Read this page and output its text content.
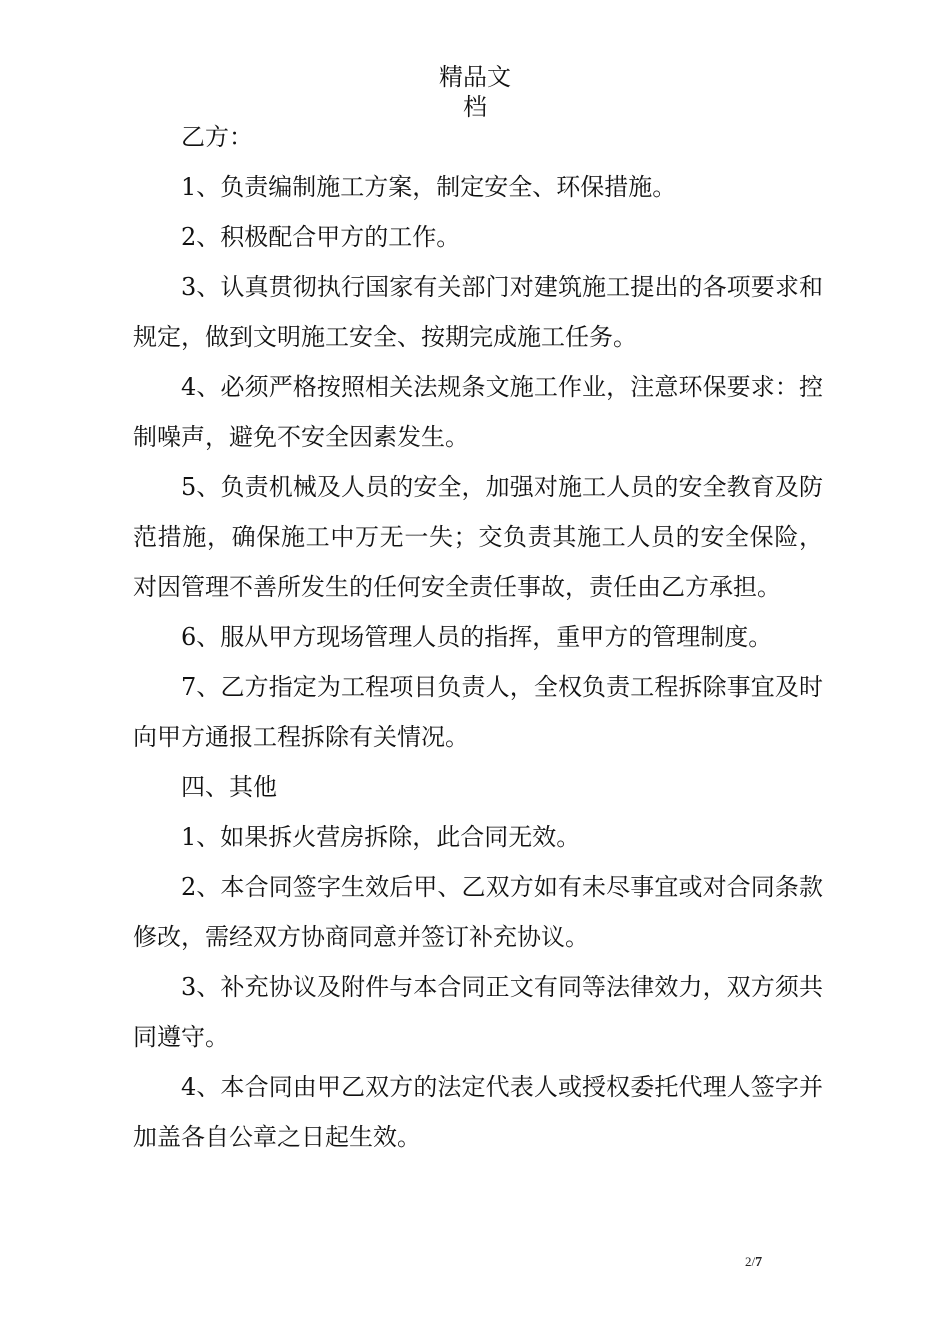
精品文
档

乙方：

1、负责编制施工方案，制定安全、环保措施。

2、积极配合甲方的工作。

3、认真贯彻执行国家有关部门对建筑施工提出的各项要求和规定，做到文明施工安全、按期完成施工任务。

4、必须严格按照相关法规条文施工作业，注意环保要求：控制噪声，避免不安全因素发生。

5、负责机械及人员的安全，加强对施工人员的安全教育及防范措施，确保施工中万无一失；交负责其施工人员的安全保险，对因管理不善所发生的任何安全责任事故，责任由乙方承担。

6、服从甲方现场管理人员的指挥，重甲方的管理制度。

7、乙方指定为工程项目负责人，全权负责工程拆除事宜及时向甲方通报工程拆除有关情况。

四、其他

1、如果拆火营房拆除，此合同无效。

2、本合同签字生效后甲、乙双方如有未尽事宜或对合同条款修改，需经双方协商同意并签订补充协议。

3、补充协议及附件与本合同正文有同等法律效力，双方须共同遵守。

4、本合同由甲乙双方的法定代表人或授权委托代理人签字并加盖各自公章之日起生效。

2/7
